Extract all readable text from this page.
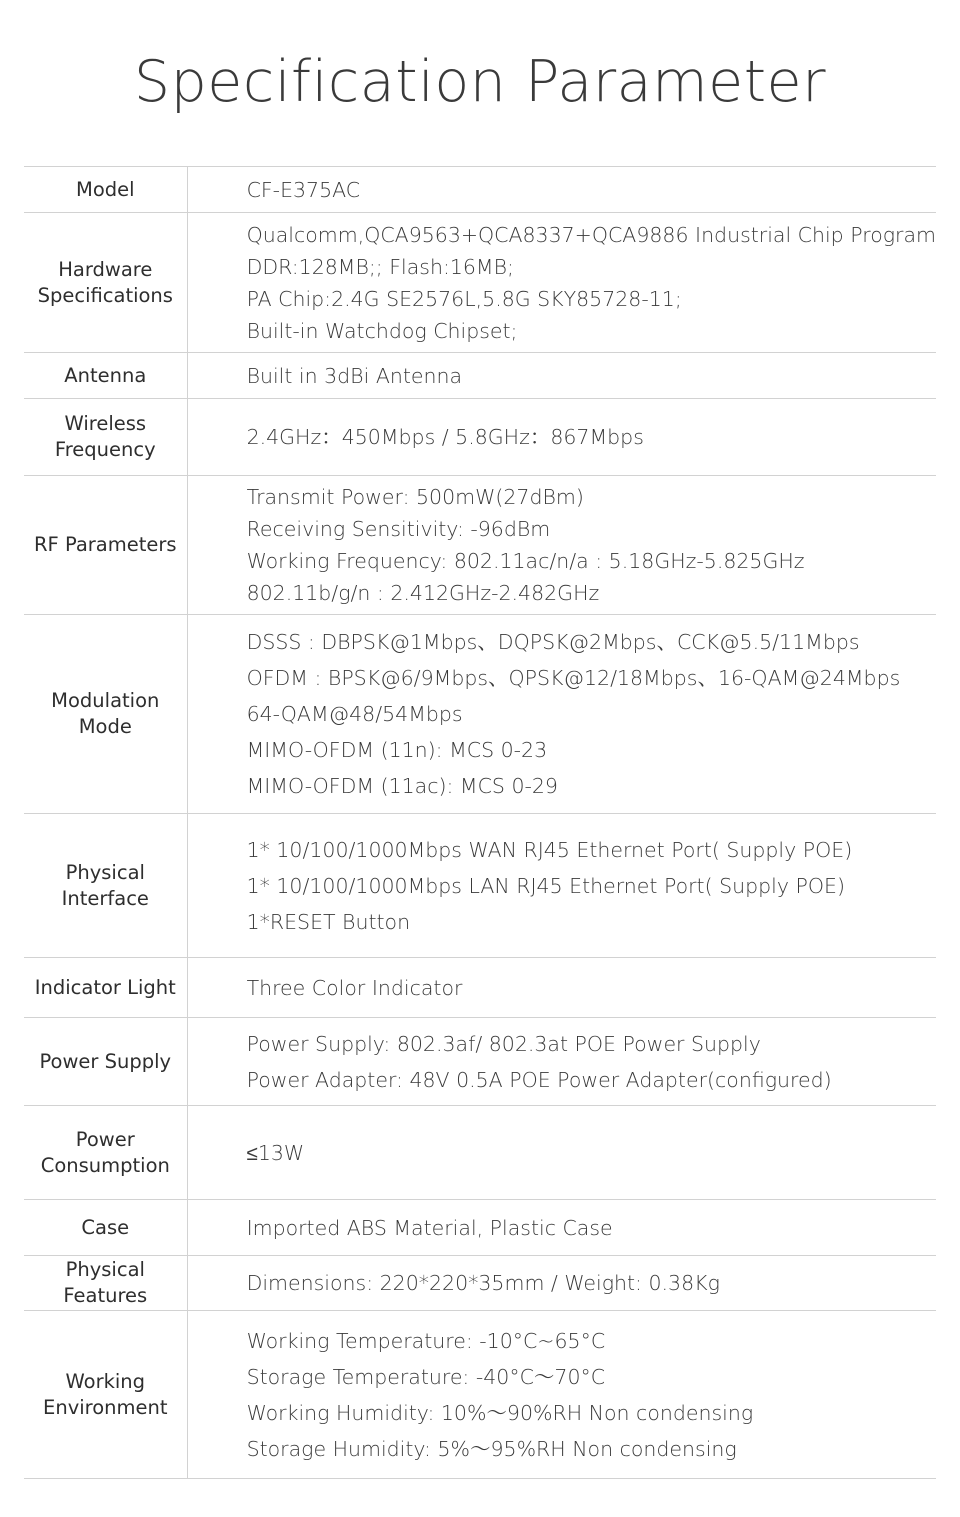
Specification Parameter
Model	CF-E375AC

Hardware Specifications	Qualcomm,QCA9563+QCA8337+QCA9886 Industrial Chip Program
DDR:128MB;; Flash:16MB;
PA Chip:2.4G SE2576L,5.8G SKY85728-11;
Built-in Watchdog Chipset;

Antenna	Built in 3dBi Antenna

Wireless Frequency	2.4GHz：450Mbps / 5.8GHz：867Mbps

RF Parameters	Transmit Power: 500mW(27dBm)
Receiving Sensitivity: -96dBm
Working Frequency: 802.11ac/n/a : 5.18GHz-5.825GHz
802.11b/g/n : 2.412GHz-2.482GHz

Modulation Mode	DSSS : DBPSK@1Mbps、DQPSK@2Mbps、CCK@5.5/11Mbps
OFDM : BPSK@6/9Mbps、QPSK@12/18Mbps、16-QAM@24Mbps
64-QAM@48/54Mbps
MIMO-OFDM (11n): MCS 0-23
MIMO-OFDM (11ac): MCS 0-29

Physical Interface	1* 10/100/1000Mbps WAN RJ45 Ethernet Port( Supply POE)
1* 10/100/1000Mbps LAN RJ45 Ethernet Port( Supply POE)
1*RESET Button

Indicator Light	Three Color Indicator

Power Supply	Power Supply: 802.3af/ 802.3at POE Power Supply
Power Adapter: 48V 0.5A POE Power Adapter(configured)

Power Consumption	≤13W

Case	Imported ABS Material, Plastic Case

Physical Features	Dimensions: 220*220*35mm / Weight: 0.38Kg

Working Environment	Working Temperature: -10°C~65°C
Storage Temperature: -40°C～70°C
Working Humidity: 10%～90%RH Non condensing
Storage Humidity: 5%～95%RH Non condensing
